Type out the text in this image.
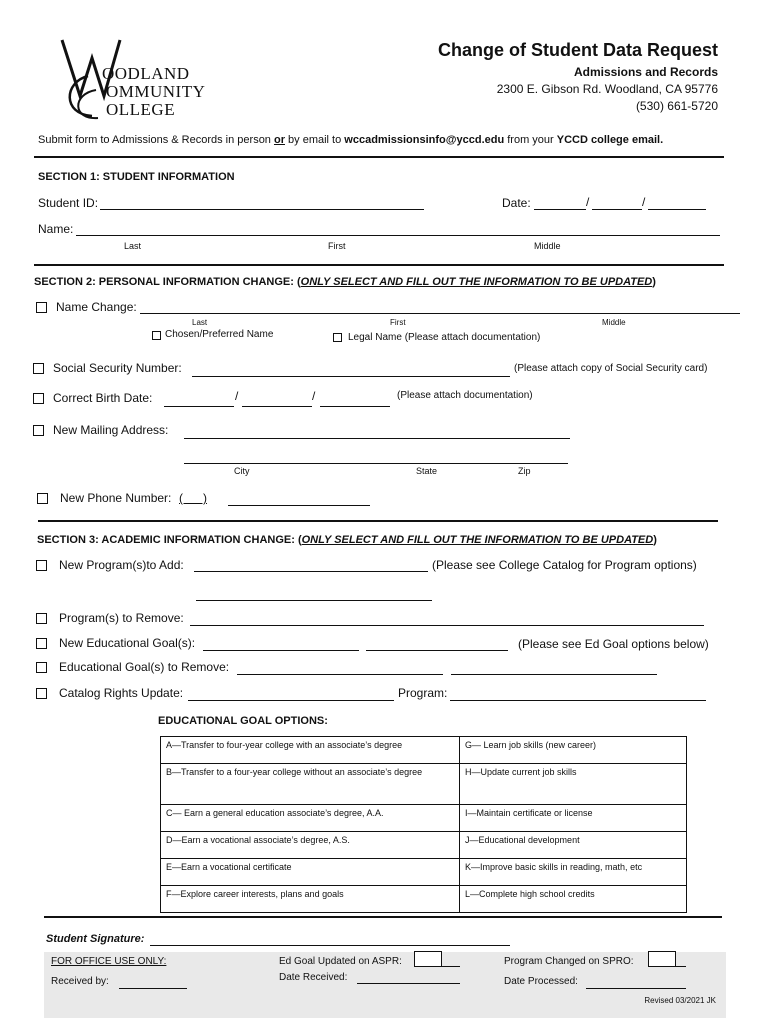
OODLAND
OMMUNITY
OLLEGE
Change of Student Data Request
Admissions and Records
2300 E. Gibson Rd. Woodland, CA 95776
(530) 661-5720
Submit form to Admissions & Records in person or by email to wccadmissionsinfo@yccd.edu from your YCCD college email.
SECTION 1: STUDENT INFORMATION
Student ID:	Date:	/	/
Name:
Last	First	Middle
SECTION 2: PERSONAL INFORMATION CHANGE: (ONLY SELECT AND FILL OUT THE INFORMATION TO BE UPDATED)
Name Change:
Last	First	Middle
Chosen/Preferred Name	Legal Name (Please attach documentation)
Social Security Number:	(Please attach copy of Social Security card)
Correct Birth Date:	/	/	(Please attach documentation)
New Mailing Address:
City	State	Zip
New Phone Number: (      )
SECTION 3: ACADEMIC INFORMATION CHANGE: (ONLY SELECT AND FILL OUT THE INFORMATION TO BE UPDATED)
New Program(s)to Add:	(Please see College Catalog for Program options)
Program(s) to Remove:
New Educational Goal(s):	(Please see Ed Goal options below)
Educational Goal(s) to Remove:
Catalog Rights Update:	Program:
EDUCATIONAL GOAL OPTIONS:
A—Transfer to four-year college with an associate’s degree	G— Learn job skills (new career)
B—Transfer to a four-year college without an associate’s degree	H—Update current job skills
C— Earn a general education associate’s degree, A.A.	I—Maintain certificate or license
D—Earn a vocational associate’s degree, A.S.	J—Educational development
E—Earn a vocational certificate	K—Improve basic skills in reading, math, etc
F—Explore career interests, plans and goals	L—Complete high school credits
Student Signature:
FOR OFFICE USE ONLY:
Received by:
Ed Goal Updated on ASPR:
Date Received:
Program Changed on SPRO:
Date Processed:
Revised 03/2021 JK
